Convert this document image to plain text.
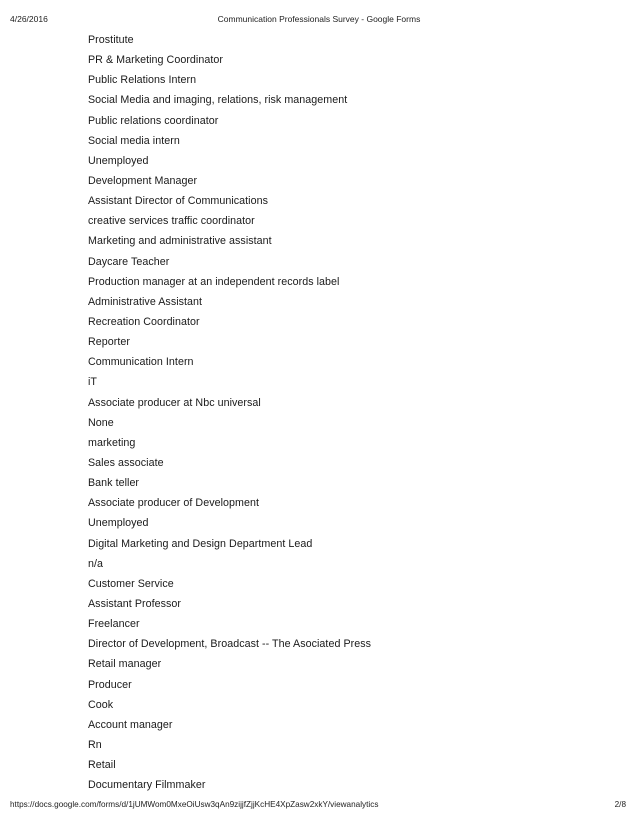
4/26/2016	Communication Professionals Survey - Google Forms
Prostitute
PR & Marketing Coordinator
Public Relations Intern
Social Media and imaging, relations, risk management
Public relations coordinator
Social media intern
Unemployed
Development Manager
Assistant Director of Communications
creative services traffic coordinator
Marketing and administrative assistant
Daycare Teacher
Production manager at an independent records label
Administrative Assistant
Recreation Coordinator
Reporter
Communication Intern
iT
Associate producer at Nbc universal
None
marketing
Sales associate
Bank teller
Associate producer of Development
Unemployed
Digital Marketing and Design Department Lead
n/a
Customer Service
Assistant Professor
Freelancer
Director of Development, Broadcast -- The Asociated Press
Retail manager
Producer
Cook
Account manager
Rn
Retail
Documentary Filmmaker
https://docs.google.com/forms/d/1jUMWom0MxeOiUsw3qAn9zijjfZjjKcHE4XpZasw2xkY/viewanalytics	2/8
